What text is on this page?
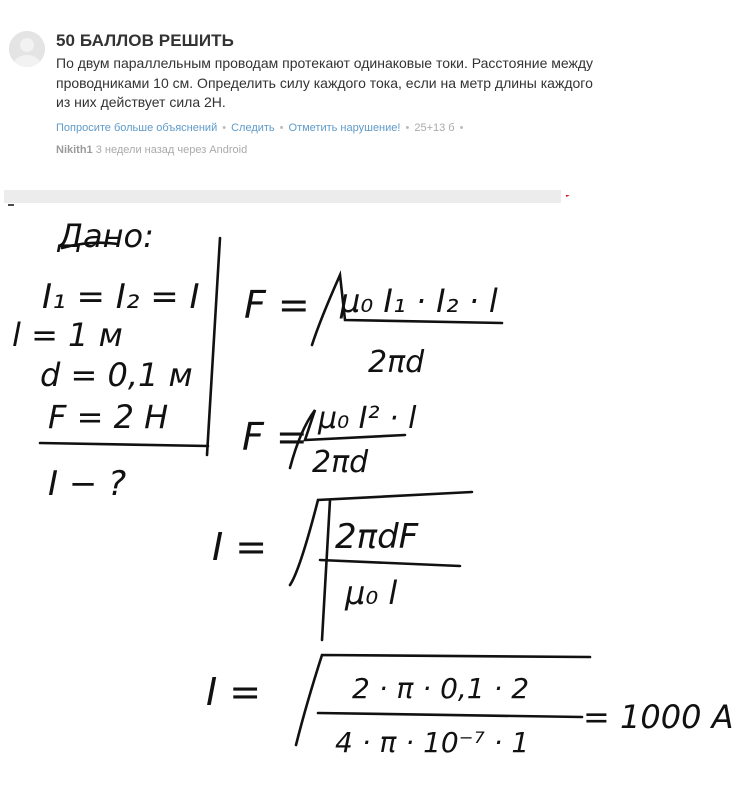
50 БАЛЛОВ РЕШИТЬ
По двум параллельным проводам протекают одинаковые токи. Расстояние между проводниками 10 см. Определить силу каждого тока, если на метр длины каждого из них действует сила 2Н.
Попросите больше объяснений • Следить • Отметить нарушение! • 25+13 б •
Nikith1 3 недели назад через Android
Дано:
I₁ = I₂ = I
l = 1 м
d = 0,1 м
F = 2 Н
I − ?
F = μ₀ I₁ · I₂ · l
2πd
F = μ₀ I² · l
2πd
I = 2πdF
μ₀ l
I =	2 · π · 0,1 · 2
4 · π · 10⁻⁷ · 1
= 1000 A
